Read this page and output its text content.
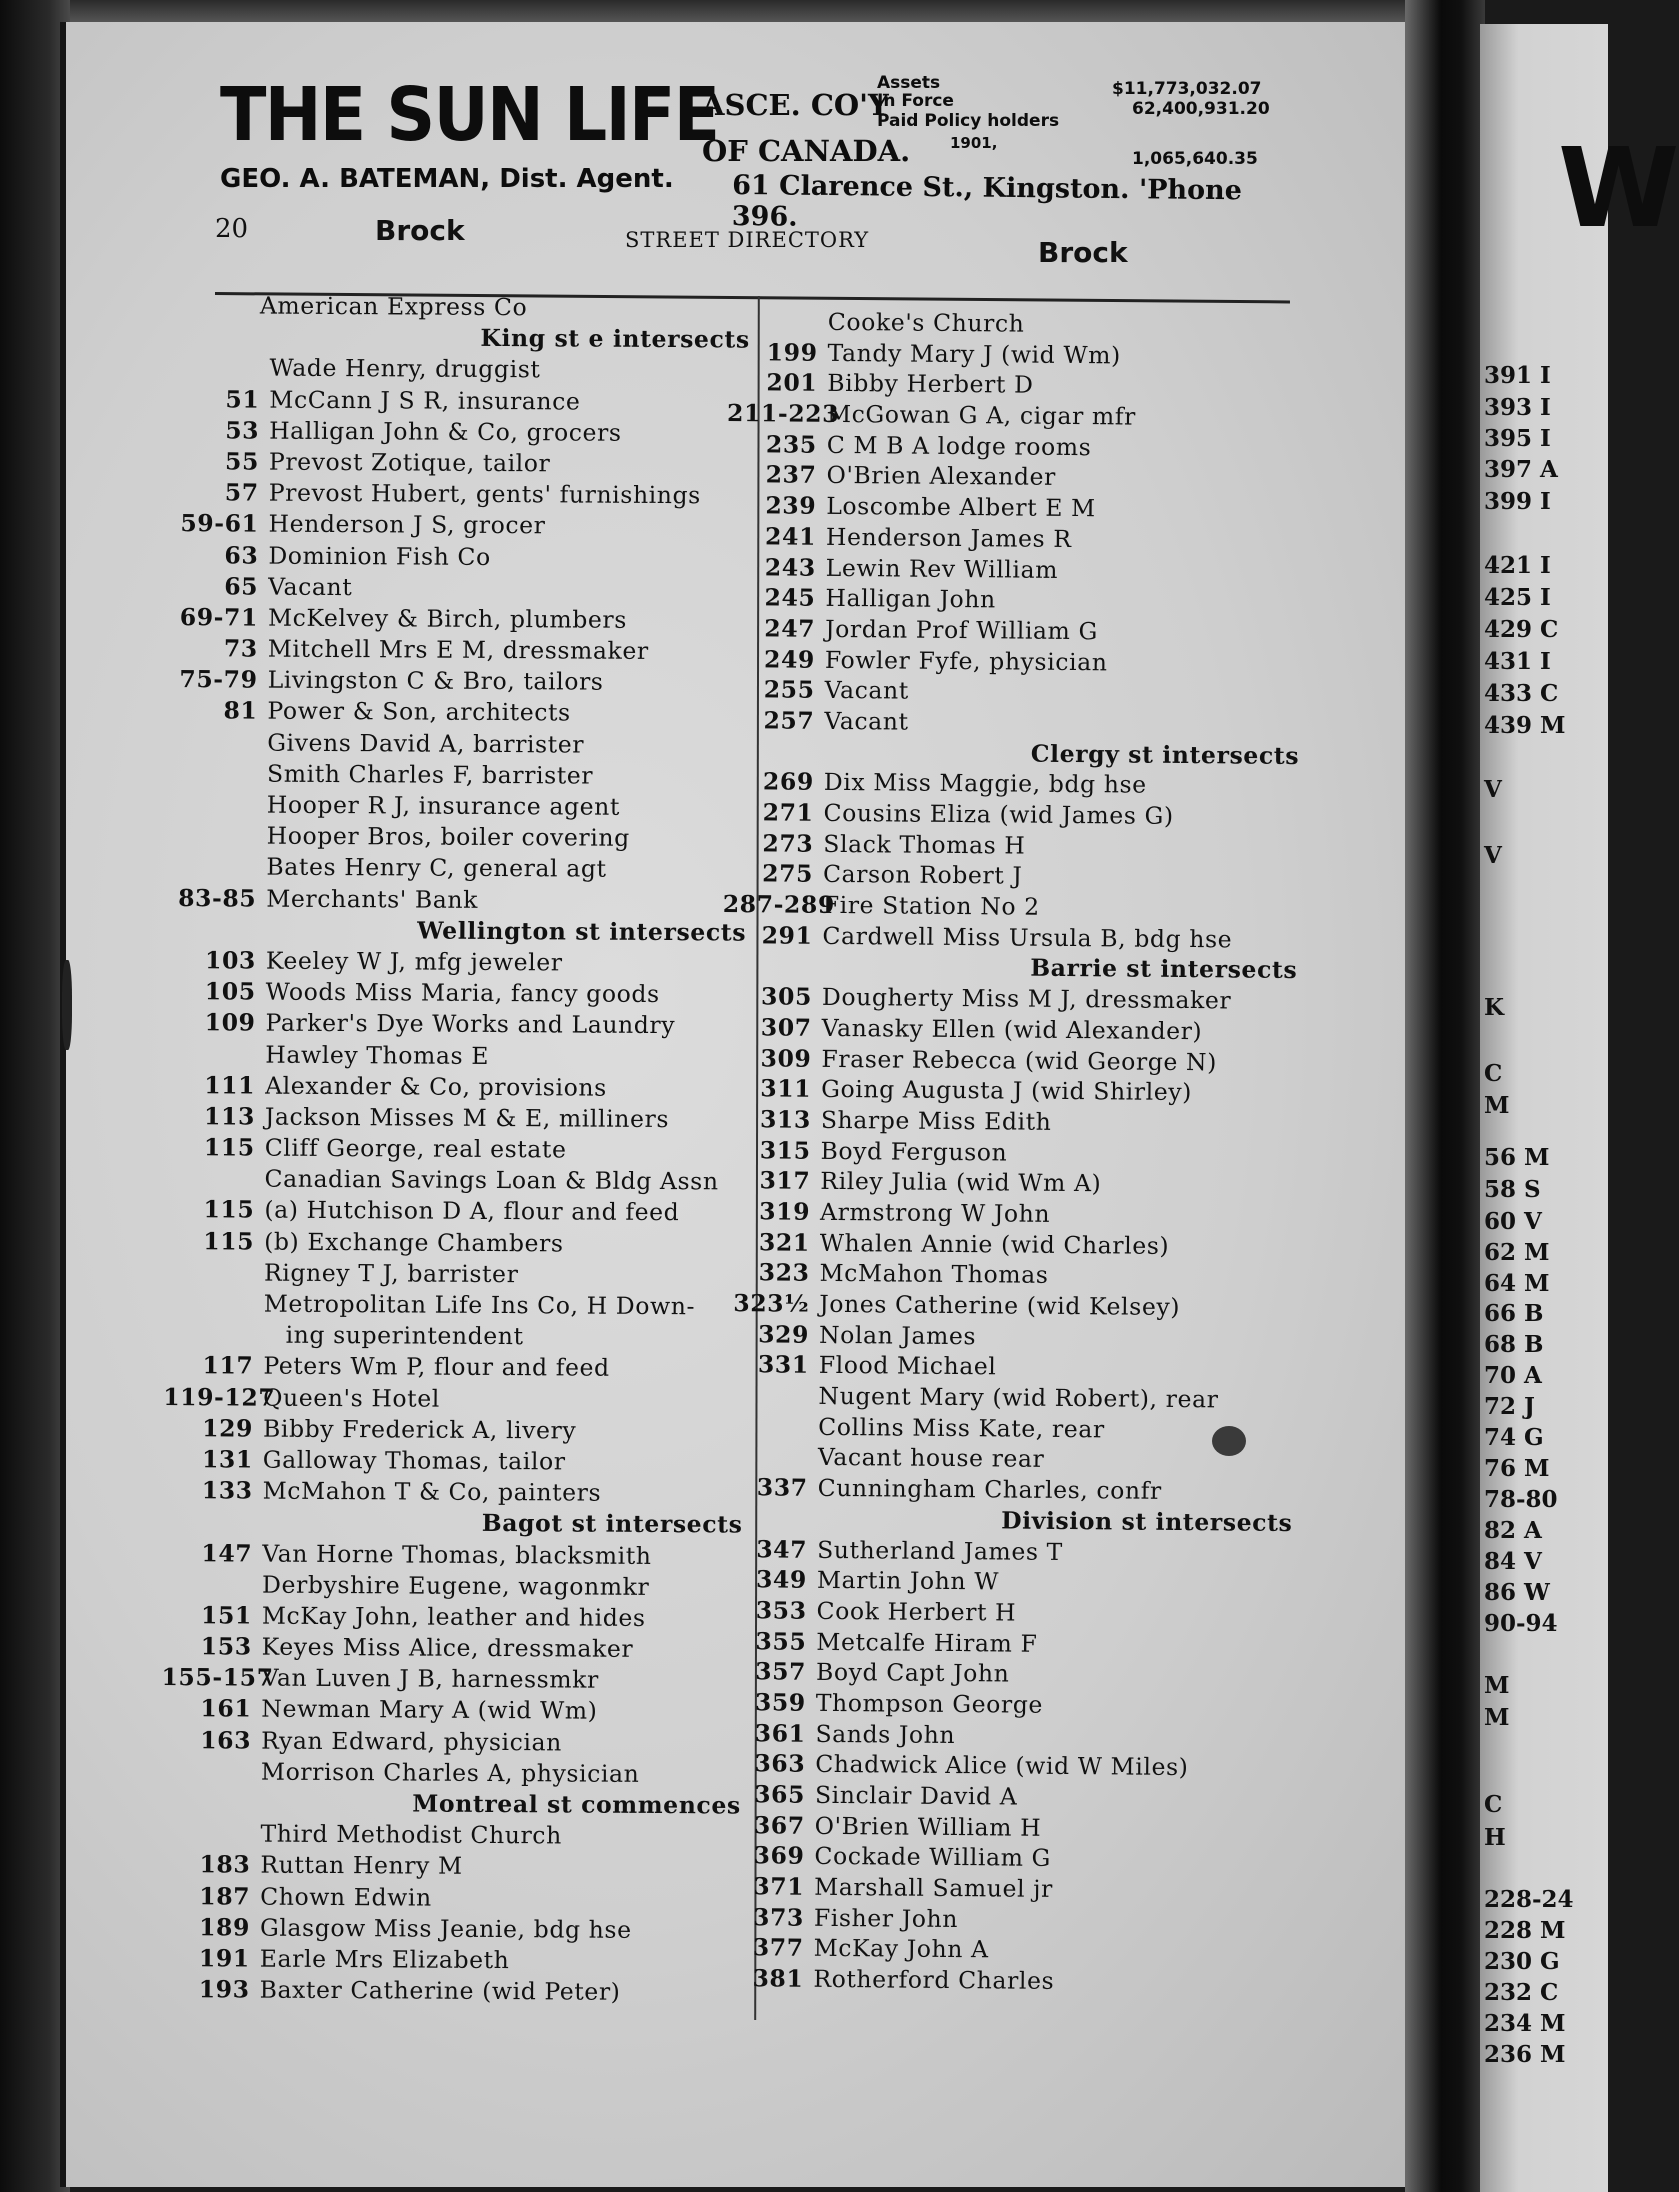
W
391 I
393 I
395 I
397 A
399 I
421 I
425 I
429 C
431 I
433 C
439 M
V
V
K
C
M
56 M
58 S
60 V
62 M
64 M
66 B
68 B
70 A
72 J
74 G
76 M
78-80
82 A
84 V
86 W
90-94
M
M
C
H
228-24
228 M
230 G
232 C
234 M
236 M
THE SUN LIFE
ASCE. CO'Y
OF CANADA.
Assets
In Force
Paid Policy holders
1901,
$11,773,032.07
62,400,931.20
1,065,640.35
GEO. A. BATEMAN, Dist. Agent. 61 Clarence St., Kingston. 'Phone 396.
20	Brock	STREET DIRECTORY	Brock
American Express Co
King st e intersects
Wade Henry, druggist
51 McCann J S R, insurance
53 Halligan John & Co, grocers
55 Prevost Zotique, tailor
57 Prevost Hubert, gents' furnishings
59-61 Henderson J S, grocer
63 Dominion Fish Co
65 Vacant
69-71 McKelvey & Birch, plumbers
73 Mitchell Mrs E M, dressmaker
75-79 Livingston C & Bro, tailors
81 Power & Son, architects
Givens David A, barrister
Smith Charles F, barrister
Hooper R J, insurance agent
Hooper Bros, boiler covering
Bates Henry C, general agt
83-85 Merchants' Bank
Wellington st intersects
103 Keeley W J, mfg jeweler
105 Woods Miss Maria, fancy goods
109 Parker's Dye Works and Laundry
Hawley Thomas E
111 Alexander & Co, provisions
113 Jackson Misses M & E, milliners
115 Cliff George, real estate
Canadian Savings Loan & Bldg Assn
115 (a) Hutchison D A, flour and feed
115 (b) Exchange Chambers
Rigney T J, barrister
Metropolitan Life Ins Co, H Down-
ing superintendent
117 Peters Wm P, flour and feed
119-127Queen's Hotel
129 Bibby Frederick A, livery
131 Galloway Thomas, tailor
133 McMahon T & Co, painters
Bagot st intersects
147 Van Horne Thomas, blacksmith
Derbyshire Eugene, wagonmkr
151 McKay John, leather and hides
153 Keyes Miss Alice, dressmaker
155-157Van Luven J B, harnessmkr
161 Newman Mary A (wid Wm)
163 Ryan Edward, physician
Morrison Charles A, physician
Montreal st commences
Third Methodist Church
183 Ruttan Henry M
187 Chown Edwin
189 Glasgow Miss Jeanie, bdg hse
191 Earle Mrs Elizabeth
193 Baxter Catherine (wid Peter)
Cooke's Church
199 Tandy Mary J (wid Wm)
201 Bibby Herbert D
211-223McGowan G A, cigar mfr
235 C M B A lodge rooms
237 O'Brien Alexander
239 Loscombe Albert E M
241 Henderson James R
243 Lewin Rev William
245 Halligan John
247 Jordan Prof William G
249 Fowler Fyfe, physician
255 Vacant
257 Vacant
Clergy st intersects
269 Dix Miss Maggie, bdg hse
271 Cousins Eliza (wid James G)
273 Slack Thomas H
275 Carson Robert J
287-289Fire Station No 2
291 Cardwell Miss Ursula B, bdg hse
Barrie st intersects
305 Dougherty Miss M J, dressmaker
307 Vanasky Ellen (wid Alexander)
309 Fraser Rebecca (wid George N)
311 Going Augusta J (wid Shirley)
313 Sharpe Miss Edith
315 Boyd Ferguson
317 Riley Julia (wid Wm A)
319 Armstrong W John
321 Whalen Annie (wid Charles)
323 McMahon Thomas
323½ Jones Catherine (wid Kelsey)
329 Nolan James
331 Flood Michael
Nugent Mary (wid Robert), rear
Collins Miss Kate, rear
Vacant house rear
337 Cunningham Charles, confr
Division st intersects
347 Sutherland James T
349 Martin John W
353 Cook Herbert H
355 Metcalfe Hiram F
357 Boyd Capt John
359 Thompson George
361 Sands John
363 Chadwick Alice (wid W Miles)
365 Sinclair David A
367 O'Brien William H
369 Cockade William G
371 Marshall Samuel jr
373 Fisher John
377 McKay John A
381 Rotherford Charles
